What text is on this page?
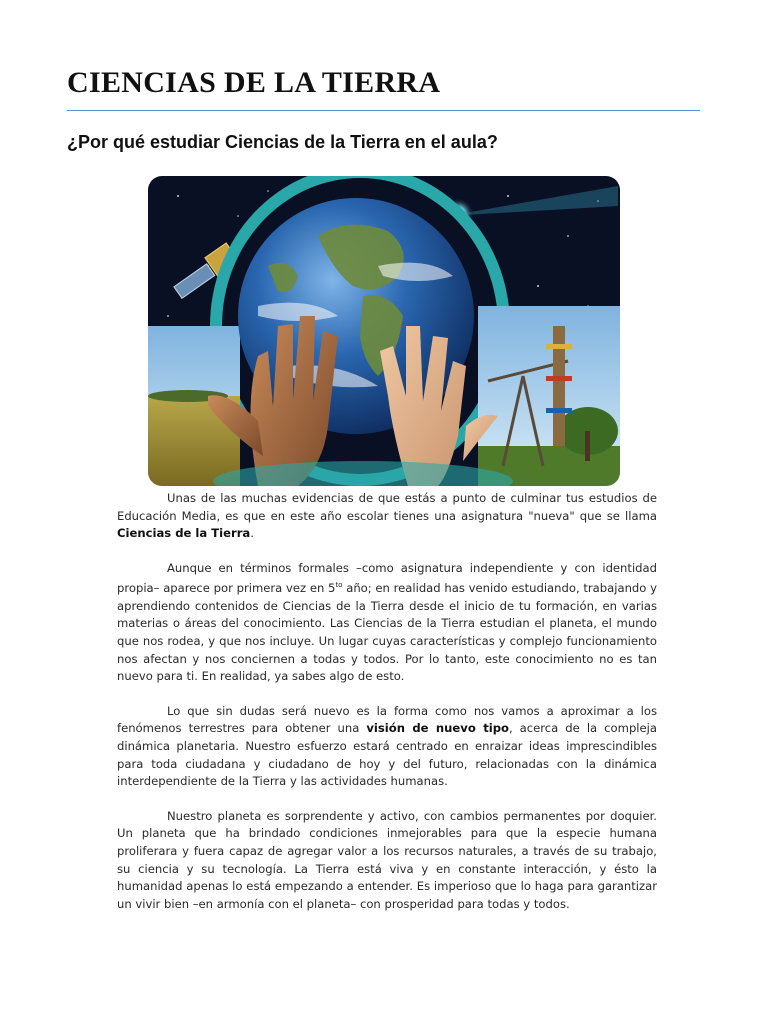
CIENCIAS DE LA TIERRA
¿Por qué estudiar Ciencias de la Tierra en el aula?

Unas de las muchas evidencias de que estás a punto de culminar tus estudios de Educación Media, es que en este año escolar tienes una asignatura "nueva" que se llama Ciencias de la Tierra.

Aunque en términos formales –como asignatura independiente y con identidad propia– aparece por primera vez en $5^{to}$ año; en realidad has venido estudiando, trabajando y aprendiendo contenidos de Ciencias de la Tierra desde el inicio de tu formación, en varias materias o áreas del conocimiento. Las Ciencias de la Tierra estudian el planeta, el mundo que nos rodea, y que nos incluye. Un lugar cuyas características y complejo funcionamiento nos afectan y nos conciernen a todas y todos. Por lo tanto, este conocimiento no es tan nuevo para ti. En realidad, ya sabes algo de esto.

Lo que sin dudas será nuevo es la forma como nos vamos a aproximar a los fenómenos terrestres para obtener una visión de nuevo tipo, acerca de la compleja dinámica planetaria. Nuestro esfuerzo estará centrado en enraizar ideas imprescindibles para toda ciudadana y ciudadano de hoy y del futuro, relacionadas con la dinámica interdependiente de la Tierra y las actividades humanas.

Nuestro planeta es sorprendente y activo, con cambios permanentes por doquier. Un planeta que ha brindado condiciones inmejorables para que la especie humana proliferara y fuera capaz de agregar valor a los recursos naturales, a través de su trabajo, su ciencia y su tecnología. La Tierra está viva y en constante interacción, y ésto la humanidad apenas lo está empezando a entender. Es imperioso que lo haga para garantizar un vivir bien –en armonía con el planeta– con prosperidad para todas y todos.
